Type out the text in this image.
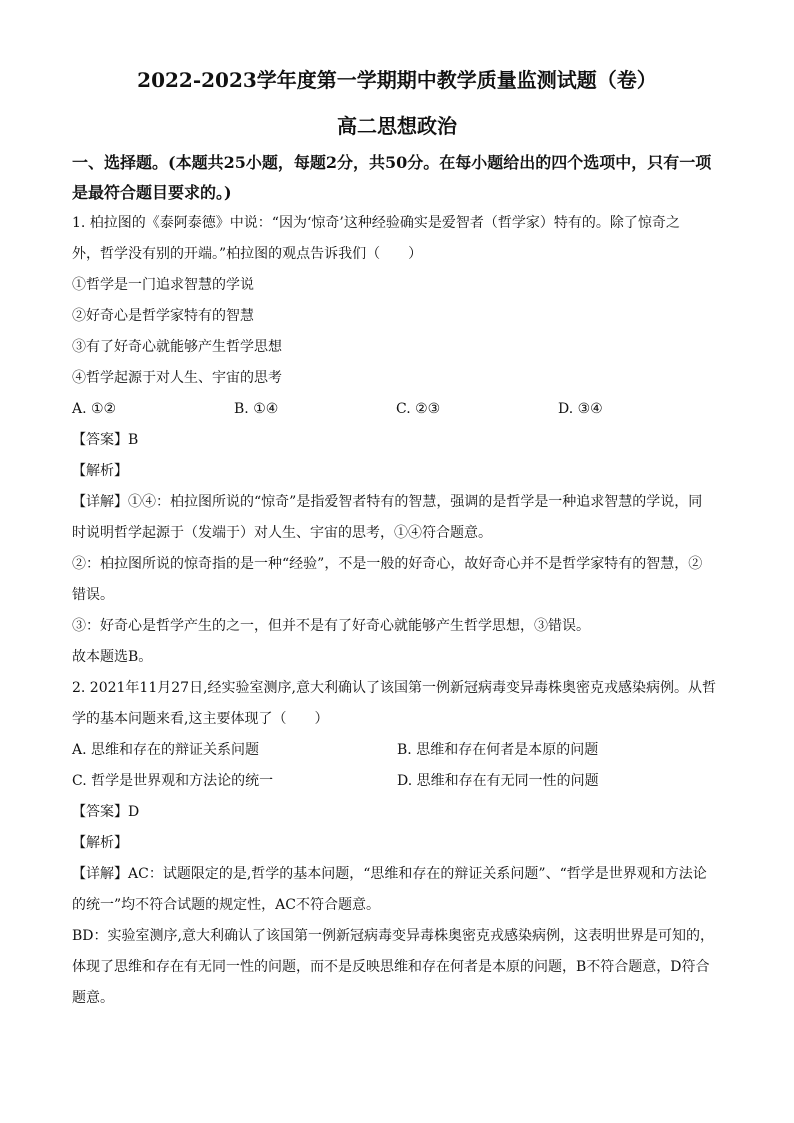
2022-2023学年度第一学期期中教学质量监测试题（卷）
高二思想政治
一、选择题。(本题共25小题，每题2分，共50分。在每小题给出的四个选项中，只有一项
是最符合题目要求的。)
1. 柏拉图的《泰阿泰德》中说：“因为‘惊奇’这种经验确实是爱智者（哲学家）特有的。除了惊奇之
外，哲学没有别的开端。”柏拉图的观点告诉我们（　　）
①哲学是一门追求智慧的学说
②好奇心是哲学家特有的智慧
③有了好奇心就能够产生哲学思想
④哲学起源于对人生、宇宙的思考
A. ①②	B. ①④	C. ②③	D. ③④
【答案】B
【解析】
【详解】①④：柏拉图所说的“惊奇”是指爱智者特有的智慧，强调的是哲学是一种追求智慧的学说，同
时说明哲学起源于（发端于）对人生、宇宙的思考，①④符合题意。
②：柏拉图所说的惊奇指的是一种“经验”，不是一般的好奇心，故好奇心并不是哲学家特有的智慧，②
错误。
③：好奇心是哲学产生的之一，但并不是有了好奇心就能够产生哲学思想，③错误。
故本题选B。
2. 2021年11月27日,经实验室测序,意大利确认了该国第一例新冠病毒变异毒株奥密克戎感染病例。从哲
学的基本问题来看,这主要体现了（　　）
A. 思维和存在的辩证关系问题	B. 思维和存在何者是本原的问题
C. 哲学是世界观和方法论的统一	D. 思维和存在有无同一性的问题
【答案】D
【解析】
【详解】AC：试题限定的是,哲学的基本问题，“思维和存在的辩证关系问题”、“哲学是世界观和方法论
的统一”均不符合试题的规定性，AC不符合题意。
BD：实验室测序,意大利确认了该国第一例新冠病毒变异毒株奥密克戎感染病例，这表明世界是可知的，
体现了思维和存在有无同一性的问题，而不是反映思维和存在何者是本原的问题，B不符合题意，D符合
题意。
